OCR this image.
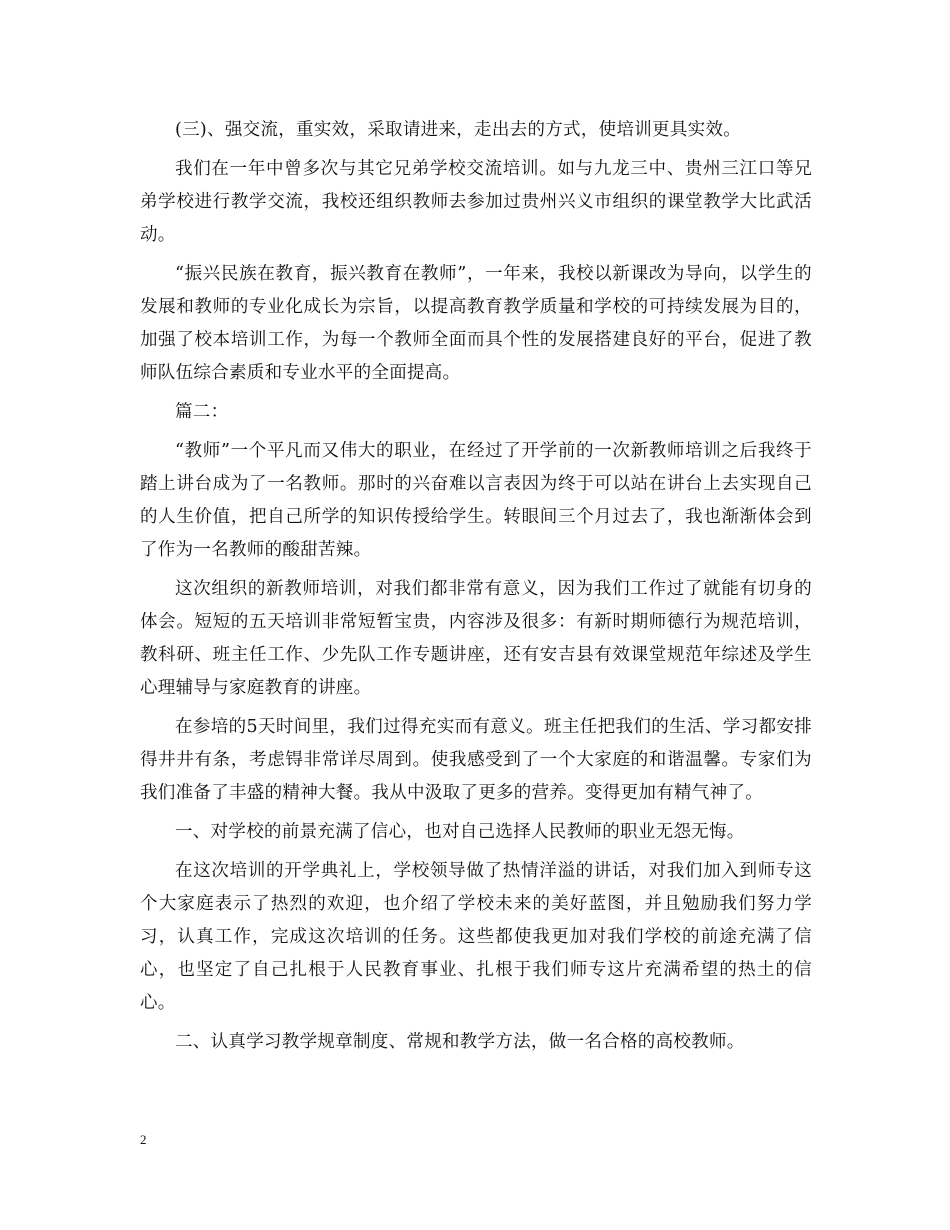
(三)、强交流，重实效，采取请进来，走出去的方式，使培训更具实效。

我们在一年中曾多次与其它兄弟学校交流培训。如与九龙三中、贵州三江口等兄弟学校进行教学交流，我校还组织教师去参加过贵州兴义市组织的课堂教学大比武活动。

“振兴民族在教育，振兴教育在教师”，一年来，我校以新课改为导向，以学生的发展和教师的专业化成长为宗旨，以提高教育教学质量和学校的可持续发展为目的，加强了校本培训工作，为每一个教师全面而具个性的发展搭建良好的平台，促进了教师队伍综合素质和专业水平的全面提高。

篇二：

“教师”一个平凡而又伟大的职业，在经过了开学前的一次新教师培训之后我终于踏上讲台成为了一名教师。那时的兴奋难以言表因为终于可以站在讲台上去实现自己的人生价值，把自己所学的知识传授给学生。转眼间三个月过去了，我也渐渐体会到了作为一名教师的酸甜苦辣。

这次组织的新教师培训，对我们都非常有意义，因为我们工作过了就能有切身的体会。短短的五天培训非常短暂宝贵，内容涉及很多：有新时期师德行为规范培训，教科研、班主任工作、少先队工作专题讲座，还有安吉县有效课堂规范年综述及学生心理辅导与家庭教育的讲座。

在参培的5天时间里，我们过得充实而有意义。班主任把我们的生活、学习都安排得井井有条，考虑锝非常详尽周到。使我感受到了一个大家庭的和谐温馨。专家们为我们准备了丰盛的精神大餐。我从中汲取了更多的营养。变得更加有精气神了。

一、对学校的前景充满了信心，也对自己选择人民教师的职业无怨无悔。

在这次培训的开学典礼上，学校领导做了热情洋溢的讲话，对我们加入到师专这个大家庭表示了热烈的欢迎，也介绍了学校未来的美好蓝图，并且勉励我们努力学习，认真工作，完成这次培训的任务。这些都使我更加对我们学校的前途充满了信心，也坚定了自己扎根于人民教育事业、扎根于我们师专这片充满希望的热土的信心。

二、认真学习教学规章制度、常规和教学方法，做一名合格的高校教师。

2
